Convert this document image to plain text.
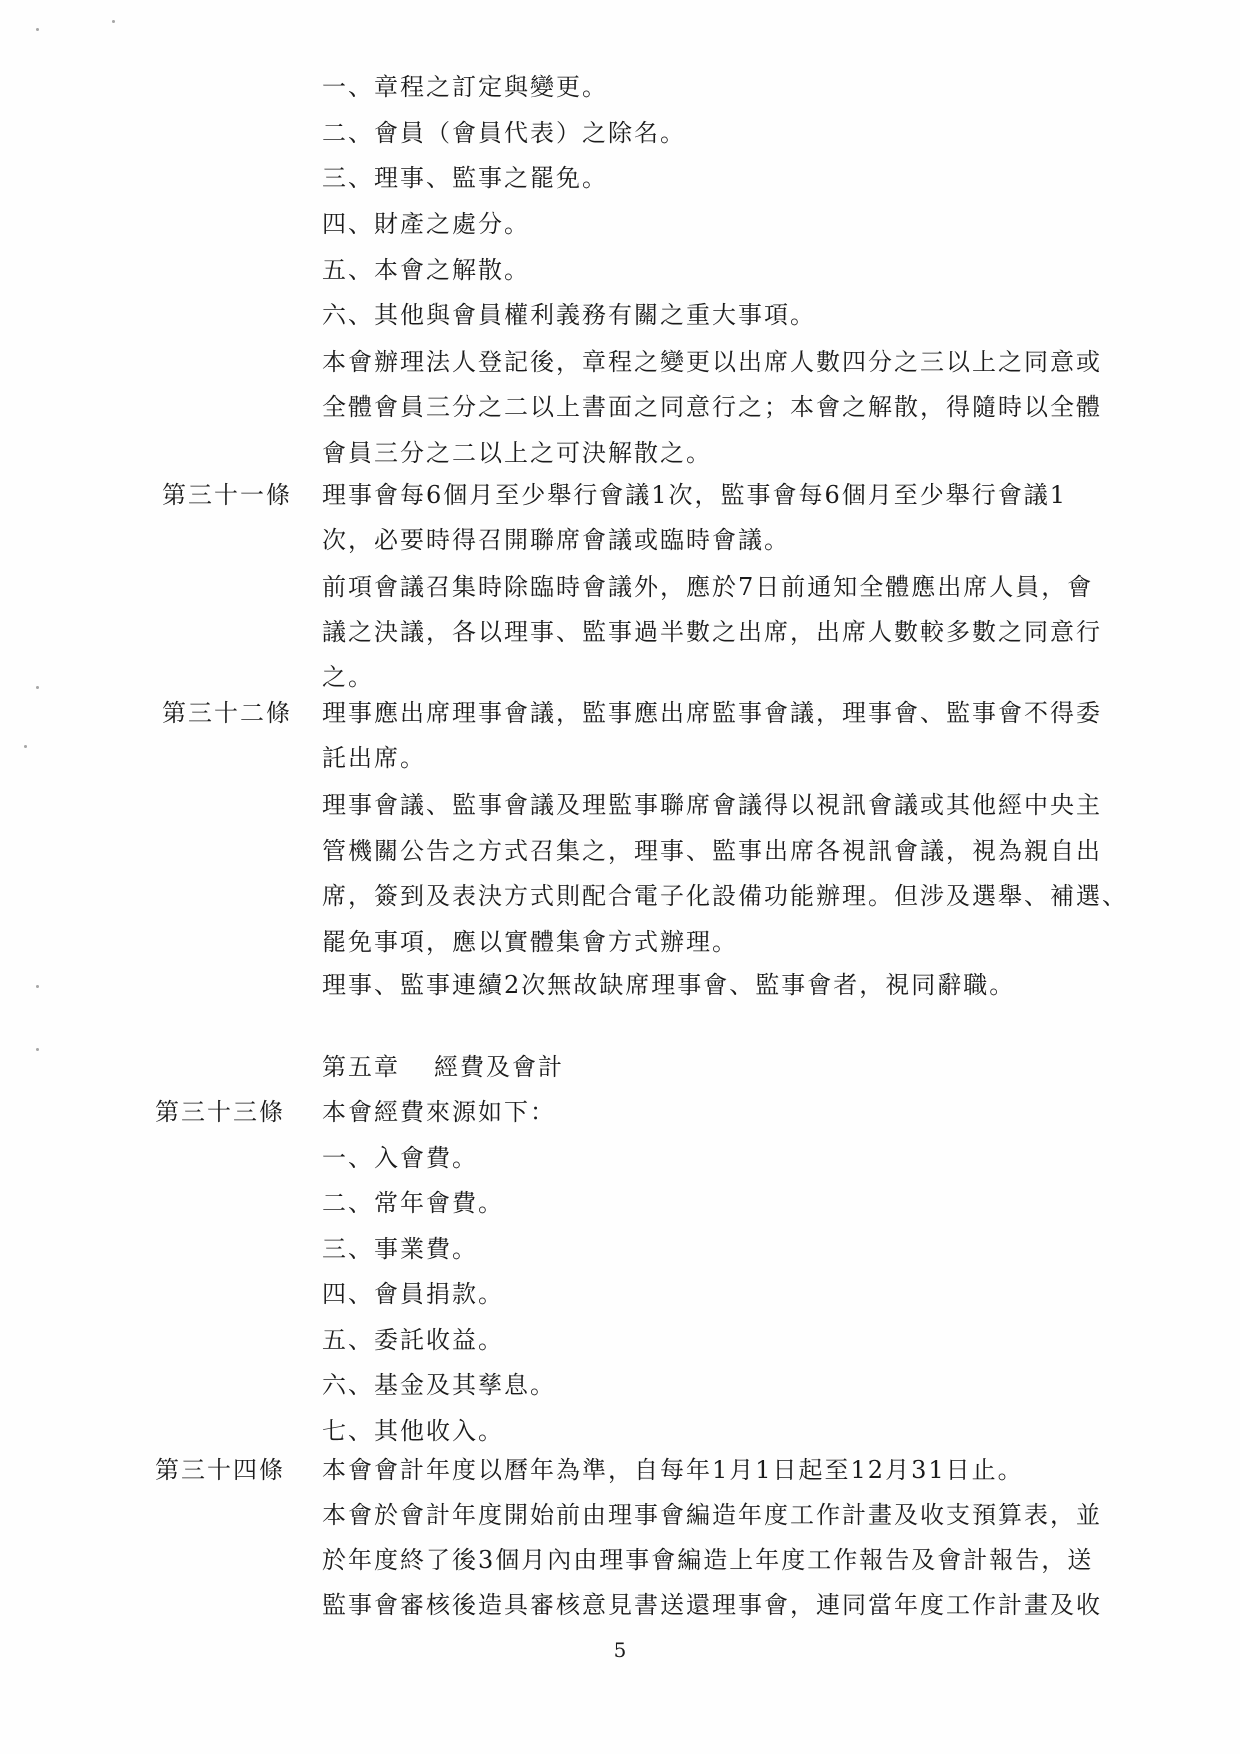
一、章程之訂定與變更。
二、會員（會員代表）之除名。
三、理事、監事之罷免。
四、財產之處分。
五、本會之解散。
六、其他與會員權利義務有關之重大事項。
本會辦理法人登記後，章程之變更以出席人數四分之三以上之同意或
全體會員三分之二以上書面之同意行之；本會之解散，得隨時以全體
會員三分之二以上之可決解散之。
第三十一條 理事會每6個月至少舉行會議1次，監事會每6個月至少舉行會議1
次，必要時得召開聯席會議或臨時會議。
前項會議召集時除臨時會議外，應於7日前通知全體應出席人員，會
議之決議，各以理事、監事過半數之出席，出席人數較多數之同意行
之。
第三十二條 理事應出席理事會議，監事應出席監事會議，理事會、監事會不得委
託出席。
理事會議、監事會議及理監事聯席會議得以視訊會議或其他經中央主
管機關公告之方式召集之，理事、監事出席各視訊會議，視為親自出
席，簽到及表決方式則配合電子化設備功能辦理。但涉及選舉、補選、
罷免事項，應以實體集會方式辦理。
理事、監事連續2次無故缺席理事會、監事會者，視同辭職。
第五章 經費及會計
第三十三條 本會經費來源如下：
一、入會費。
二、常年會費。
三、事業費。
四、會員捐款。
五、委託收益。
六、基金及其孳息。
七、其他收入。
第三十四條 本會會計年度以曆年為準，自每年1月1日起至12月31日止。
本會於會計年度開始前由理事會編造年度工作計畫及收支預算表，並
於年度終了後3個月內由理事會編造上年度工作報告及會計報告，送
監事會審核後造具審核意見書送還理事會，連同當年度工作計畫及收
5
